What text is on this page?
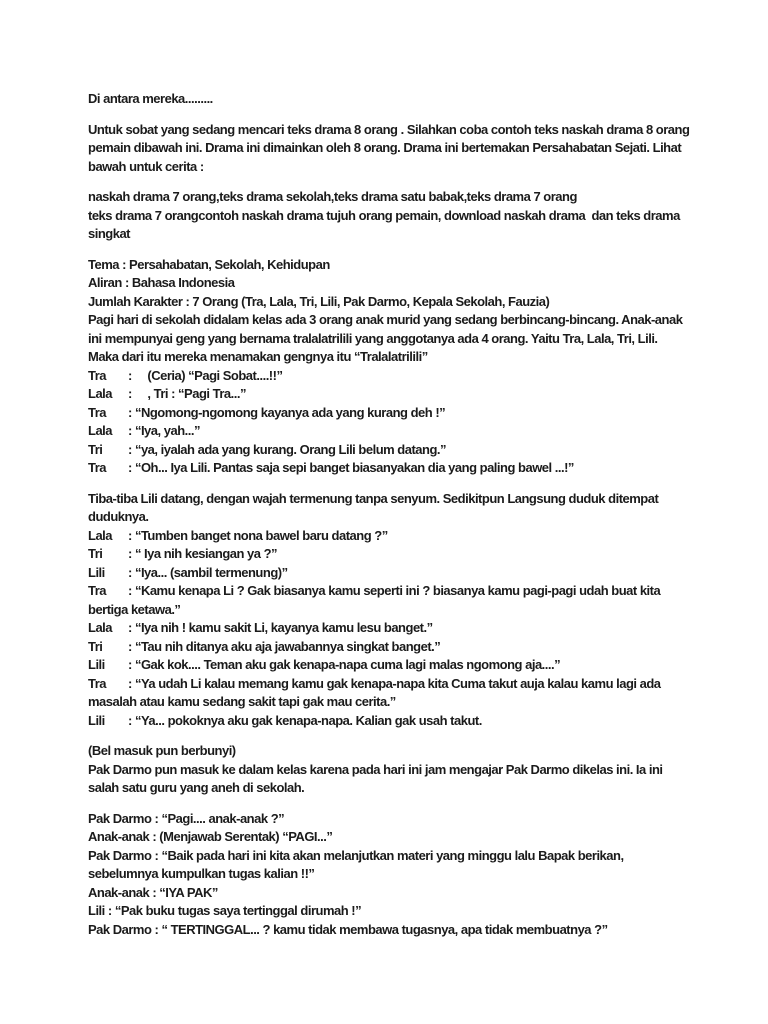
Di antara mereka.........
Untuk sobat yang sedang mencari teks drama 8 orang . Silahkan coba contoh teks naskah drama 8 orang
pemain dibawah ini. Drama ini dimainkan oleh 8 orang. Drama ini bertemakan Persahabatan Sejati. Lihat
bawah untuk cerita :
naskah drama 7 orang,teks drama sekolah,teks drama satu babak,teks drama 7 orang
teks drama 7 orangcontoh naskah drama tujuh orang pemain, download naskah drama  dan teks drama
singkat
Tema : Persahabatan, Sekolah, Kehidupan
Aliran : Bahasa Indonesia
Jumlah Karakter : 7 Orang (Tra, Lala, Tri, Lili, Pak Darmo, Kepala Sekolah, Fauzia)
Pagi hari di sekolah didalam kelas ada 3 orang anak murid yang sedang berbincang-bincang. Anak-anak
ini mempunyai geng yang bernama tralalatrilili yang anggotanya ada 4 orang. Yaitu Tra, Lala, Tri, Lili.
Maka dari itu mereka menamakan gengnya itu “Tralalatrilili”
Tra :     (Ceria) “Pagi Sobat....!!”
Lala :     , Tri : “Pagi Tra...”
Tra : “Ngomong-ngomong kayanya ada yang kurang deh !”
Lala : “Iya, yah...”
Tri : “ya, iyalah ada yang kurang. Orang Lili belum datang.”
Tra : “Oh... Iya Lili. Pantas saja sepi banget biasanyakan dia yang paling bawel ...!”
Tiba-tiba Lili datang, dengan wajah termenung tanpa senyum. Sedikitpun Langsung duduk ditempat
duduknya.
Lala : “Tumben banget nona bawel baru datang ?”
Tri : “ Iya nih kesiangan ya ?”
Lili : “Iya... (sambil termenung)”
Tra : “Kamu kenapa Li ? Gak biasanya kamu seperti ini ? biasanya kamu pagi-pagi udah buat kita
bertiga ketawa.”
Lala : “Iya nih ! kamu sakit Li, kayanya kamu lesu banget.”
Tri : “Tau nih ditanya aku aja jawabannya singkat banget.”
Lili : “Gak kok.... Teman aku gak kenapa-napa cuma lagi malas ngomong aja....”
Tra : “Ya udah Li kalau memang kamu gak kenapa-napa kita Cuma takut auja kalau kamu lagi ada
masalah atau kamu sedang sakit tapi gak mau cerita.”
Lili : “Ya... pokoknya aku gak kenapa-napa. Kalian gak usah takut.
(Bel masuk pun berbunyi)
Pak Darmo pun masuk ke dalam kelas karena pada hari ini jam mengajar Pak Darmo dikelas ini. Ia ini
salah satu guru yang aneh di sekolah.
Pak Darmo : “Pagi.... anak-anak ?”
Anak-anak : (Menjawab Serentak) “PAGI...”
Pak Darmo : “Baik pada hari ini kita akan melanjutkan materi yang minggu lalu Bapak berikan,
sebelumnya kumpulkan tugas kalian !!”
Anak-anak : “IYA PAK”
Lili : “Pak buku tugas saya tertinggal dirumah !”
Pak Darmo : “ TERTINGGAL... ? kamu tidak membawa tugasnya, apa tidak membuatnya ?”
